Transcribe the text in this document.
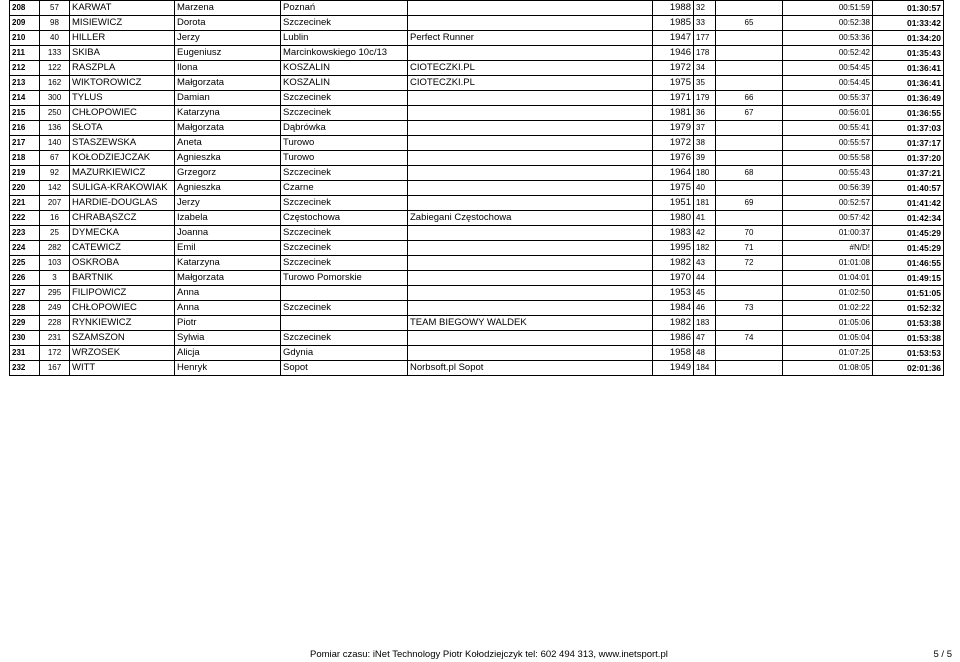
208	57	KARWAT	Marzena	Poznań		1988	32		00:51:59	01:30:57
209	98	MISIEWICZ	Dorota	Szczecinek		1985	33	65	00:52:38	01:33:42
210	40	HILLER	Jerzy	Lublin	Perfect Runner	1947	177		00:53:36	01:34:20
211	133	SKIBA	Eugeniusz	Marcinkowskiego 10c/13		1946	178		00:52:42	01:35:43
212	122	RASZPLA	Ilona	KOSZALIN	CIOTECZKI.PL	1972	34		00:54:45	01:36:41
213	162	WIKTOROWICZ	Małgorzata	KOSZALIN	CIOTECZKI.PL	1975	35		00:54:45	01:36:41
214	300	TYLUS	Damian	Szczecinek		1971	179	66	00:55:37	01:36:49
215	250	CHŁOPOWIEC	Katarzyna	Szczecinek		1981	36	67	00:56:01	01:36:55
216	136	SŁOTA	Małgorzata	Dąbrówka		1979	37		00:55:41	01:37:03
217	140	STASZEWSKA	Aneta	Turowo		1972	38		00:55:57	01:37:17
218	67	KOŁODZIEJCZAK	Agnieszka	Turowo		1976	39		00:55:58	01:37:20
219	92	MAZURKIEWICZ	Grzegorz	Szczecinek		1964	180	68	00:55:43	01:37:21
220	142	SULIGA-KRAKOWIAK	Agnieszka	Czarne		1975	40		00:56:39	01:40:57
221	207	HARDIE-DOUGLAS	Jerzy	Szczecinek		1951	181	69	00:52:57	01:41:42
222	16	CHRABĄSZCZ	Izabela	Częstochowa	Zabiegani Częstochowa	1980	41		00:57:42	01:42:34
223	25	DYMECKA	Joanna	Szczecinek		1983	42	70	01:00:37	01:45:29
224	282	CATEWICZ	Emil	Szczecinek		1995	182	71	#N/D!	01:45:29
225	103	OSKROBA	Katarzyna	Szczecinek		1982	43	72	01:01:08	01:46:55
226	3	BARTNIK	Małgorzata	Turowo Pomorskie		1970	44		01:04:01	01:49:15
227	295	FILIPOWICZ	Anna			1953	45		01:02:50	01:51:05
228	249	CHŁOPOWIEC	Anna	Szczecinek		1984	46	73	01:02:22	01:52:32
229	228	RYNKIEWICZ	Piotr		TEAM BIEGOWY WALDEK	1982	183		01:05:06	01:53:38
230	231	SZAMSZON	Sylwia	Szczecinek		1986	47	74	01:05:04	01:53:38
231	172	WRZOSEK	Alicja	Gdynia		1958	48		01:07:25	01:53:53
232	167	WITT	Henryk	Sopot	Norbsoft.pl Sopot	1949	184		01:08:05	02:01:36
Pomiar czasu: iNet Technology Piotr Kołodziejczyk tel: 602 494 313, www.inetsport.pl	5 / 5
